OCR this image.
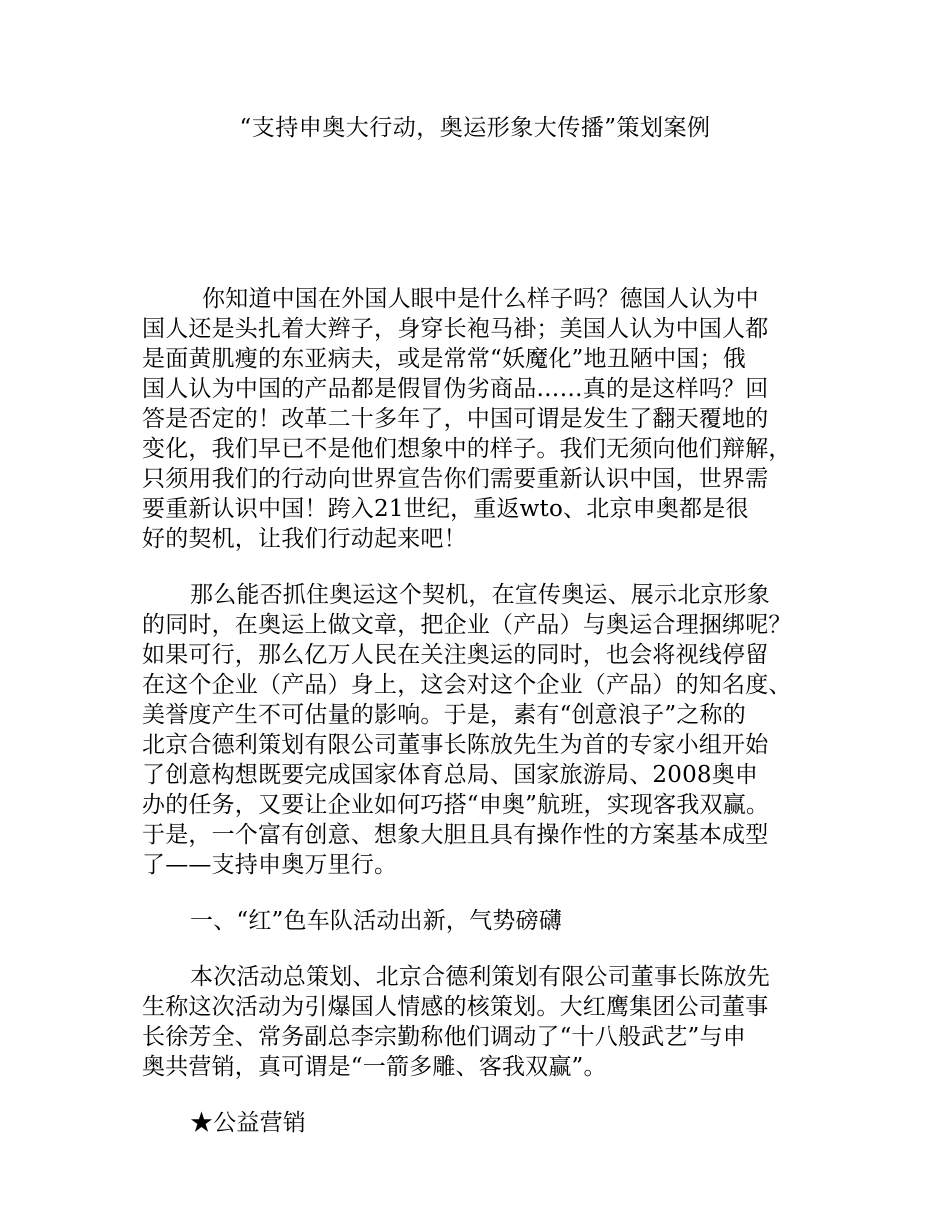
“支持申奥大行动，奥运形象大传播”策划案例
你知道中国在外国人眼中是什么样子吗？德国人认为中
国人还是头扎着大辫子，身穿长袍马褂；美国人认为中国人都
是面黄肌瘦的东亚病夫，或是常常“妖魔化”地丑陋中国；俄
国人认为中国的产品都是假冒伪劣商品……真的是这样吗？回
答是否定的！改革二十多年了，中国可谓是发生了翻天覆地的
变化，我们早已不是他们想象中的样子。我们无须向他们辩解，
只须用我们的行动向世界宣告你们需要重新认识中国，世界需
要重新认识中国！跨入21世纪，重返wto、北京申奥都是很
好的契机，让我们行动起来吧！
那么能否抓住奥运这个契机，在宣传奥运、展示北京形象
的同时，在奥运上做文章，把企业（产品）与奥运合理捆绑呢？
如果可行，那么亿万人民在关注奥运的同时，也会将视线停留
在这个企业（产品）身上，这会对这个企业（产品）的知名度、
美誉度产生不可估量的影响。于是，素有“创意浪子”之称的
北京合德利策划有限公司董事长陈放先生为首的专家小组开始
了创意构想既要完成国家体育总局、国家旅游局、2008奥申
办的任务，又要让企业如何巧搭“申奥”航班，实现客我双赢。
于是，一个富有创意、想象大胆且具有操作性的方案基本成型
了——支持申奥万里行。
一、“红”色车队活动出新，气势磅礴
本次活动总策划、北京合德利策划有限公司董事长陈放先
生称这次活动为引爆国人情感的核策划。大红鹰集团公司董事
长徐芳全、常务副总李宗勤称他们调动了“十八般武艺”与申
奥共营销，真可谓是“一箭多雕、客我双赢”。
★公益营销
